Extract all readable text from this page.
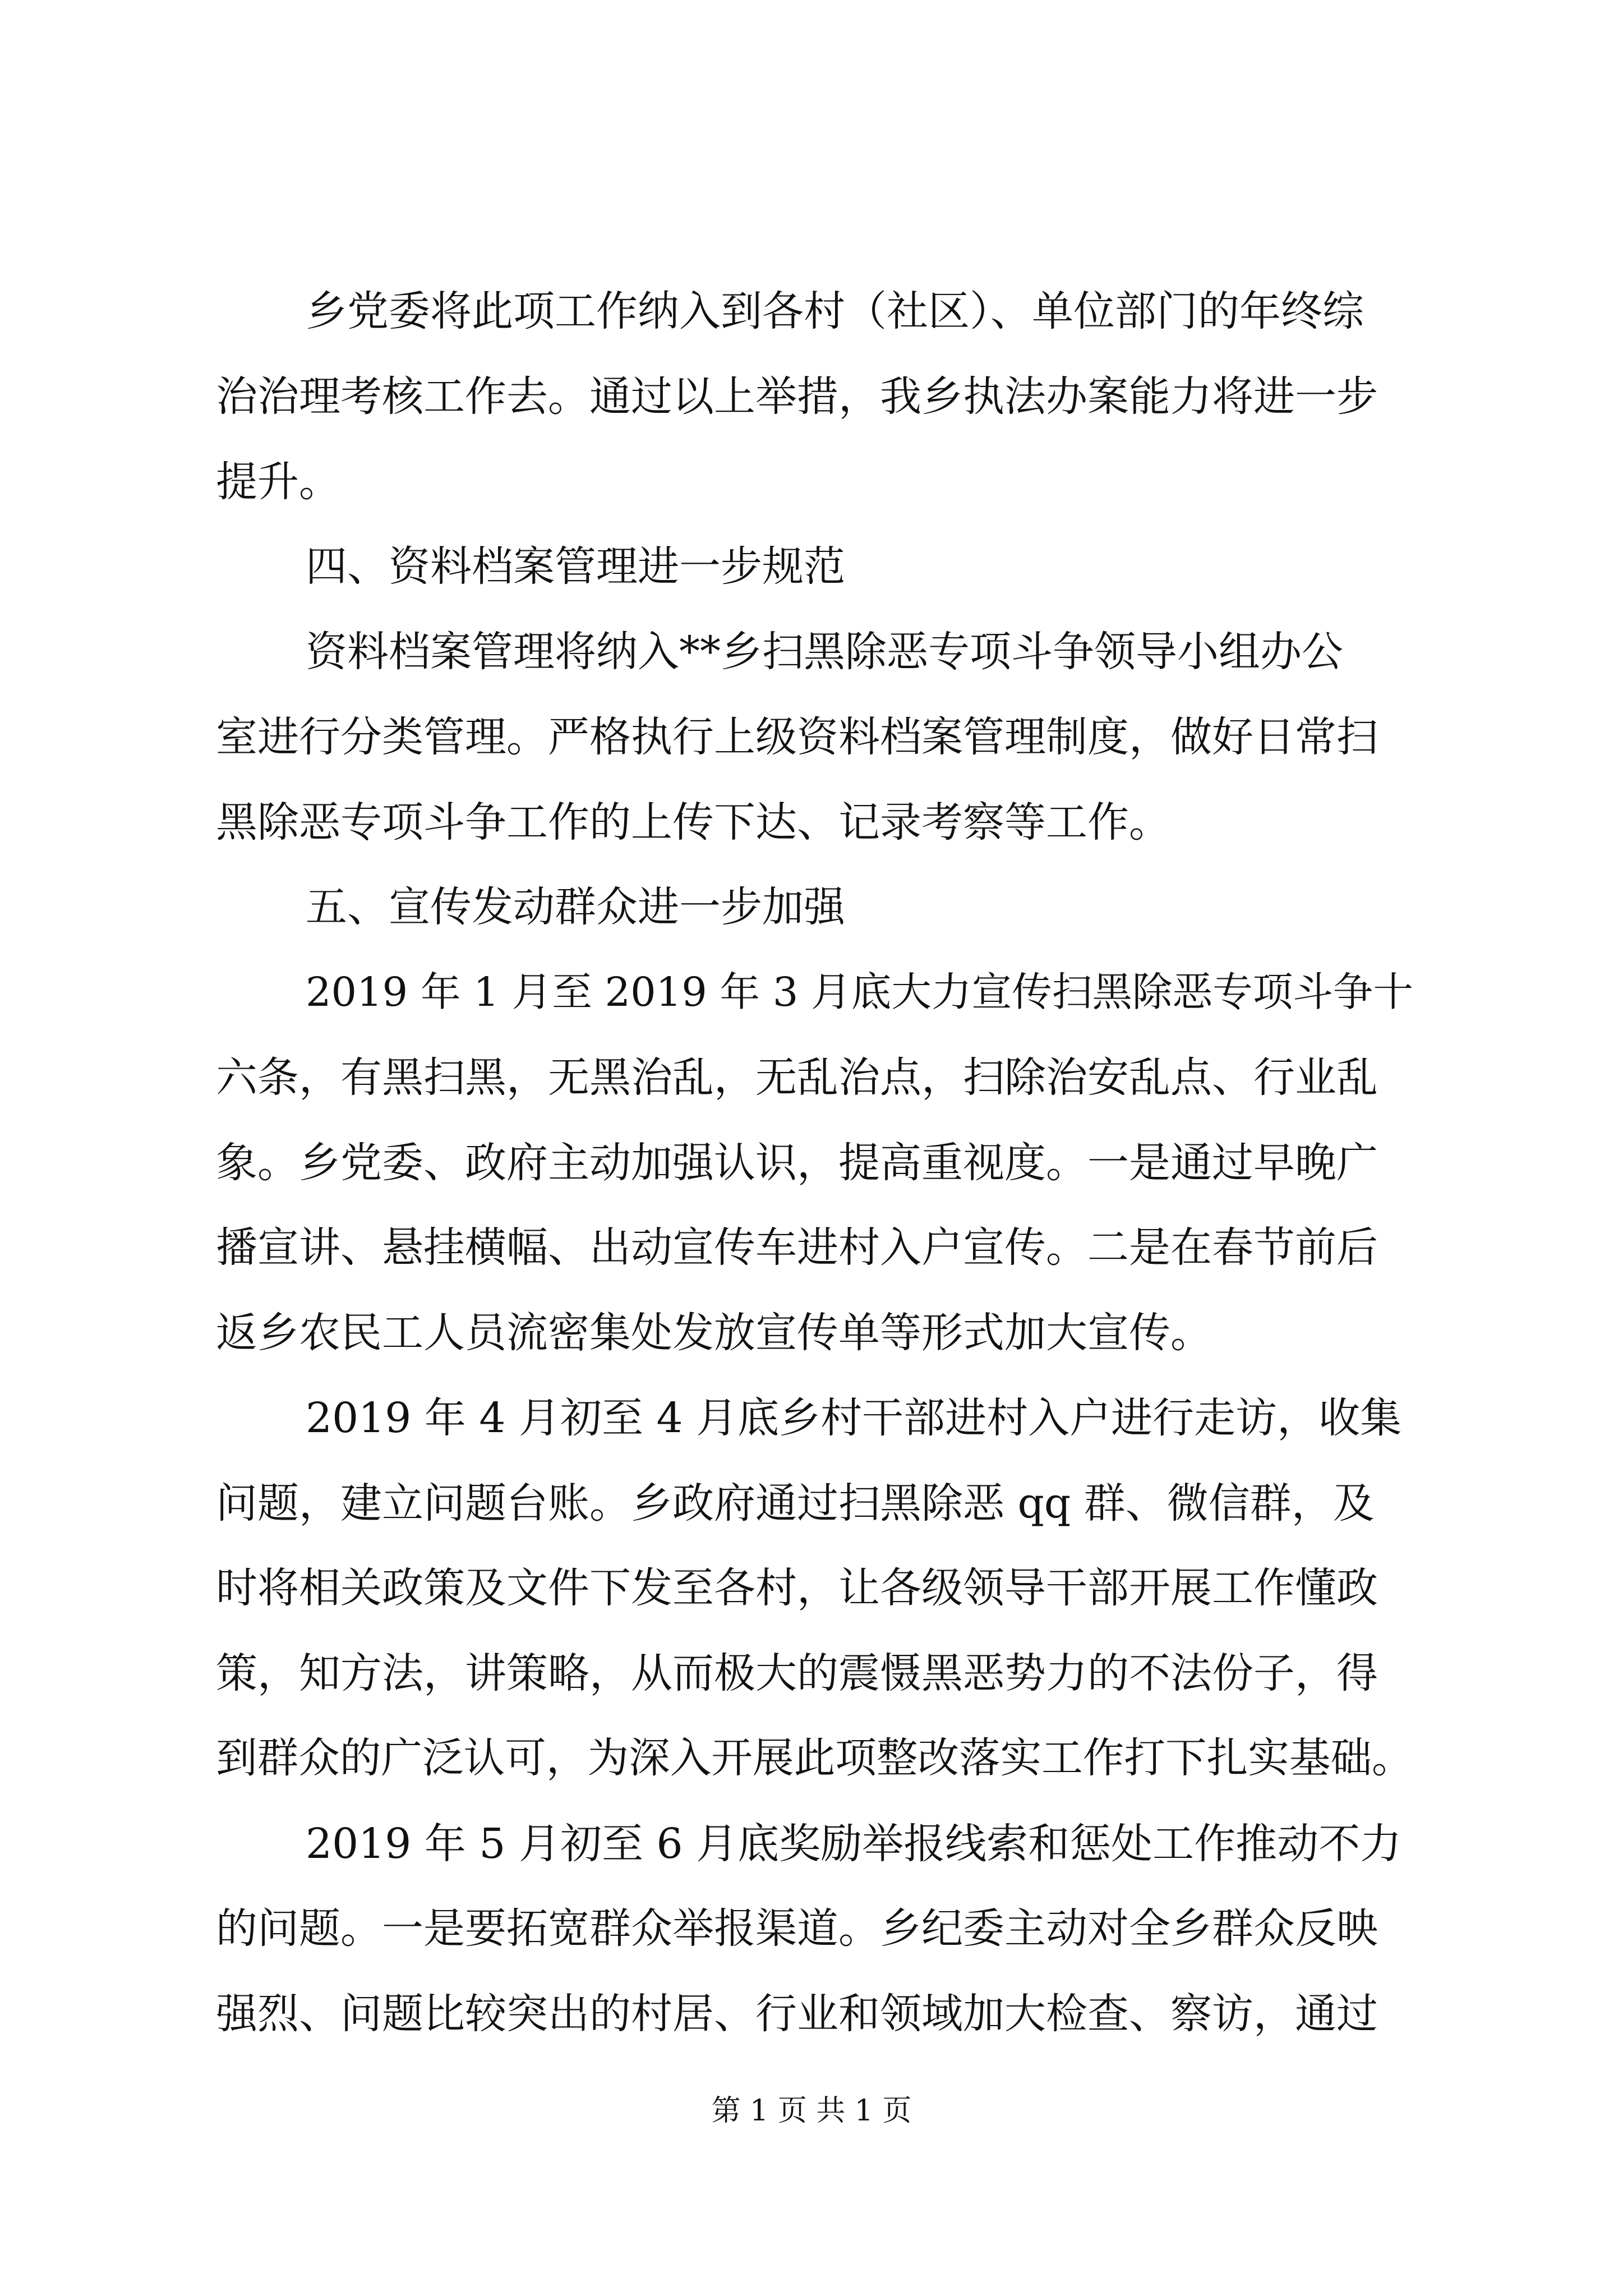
乡党委将此项工作纳入到各村（社区）、单位部门的年终综
治治理考核工作去。通过以上举措，我乡执法办案能力将进一步
提升。
四、资料档案管理进一步规范
资料档案管理将纳入**乡扫黑除恶专项斗争领导小组办公
室进行分类管理。严格执行上级资料档案管理制度，做好日常扫
黑除恶专项斗争工作的上传下达、记录考察等工作。
五、宣传发动群众进一步加强
2019 年 1 月至 2019 年 3 月底大力宣传扫黑除恶专项斗争十
六条，有黑扫黑，无黑治乱，无乱治点，扫除治安乱点、行业乱
象。乡党委、政府主动加强认识，提高重视度。一是通过早晚广
播宣讲、悬挂横幅、出动宣传车进村入户宣传。二是在春节前后
返乡农民工人员流密集处发放宣传单等形式加大宣传。
2019 年 4 月初至 4 月底乡村干部进村入户进行走访，收集
问题，建立问题台账。乡政府通过扫黑除恶 qq 群、微信群，及
时将相关政策及文件下发至各村，让各级领导干部开展工作懂政
策，知方法，讲策略，从而极大的震慑黑恶势力的不法份子，得
到群众的广泛认可，为深入开展此项整改落实工作打下扎实基础。
2019 年 5 月初至 6 月底奖励举报线索和惩处工作推动不力
的问题。一是要拓宽群众举报渠道。乡纪委主动对全乡群众反映
强烈、问题比较突出的村居、行业和领域加大检查、察访，通过
第 1 页 共 1 页
